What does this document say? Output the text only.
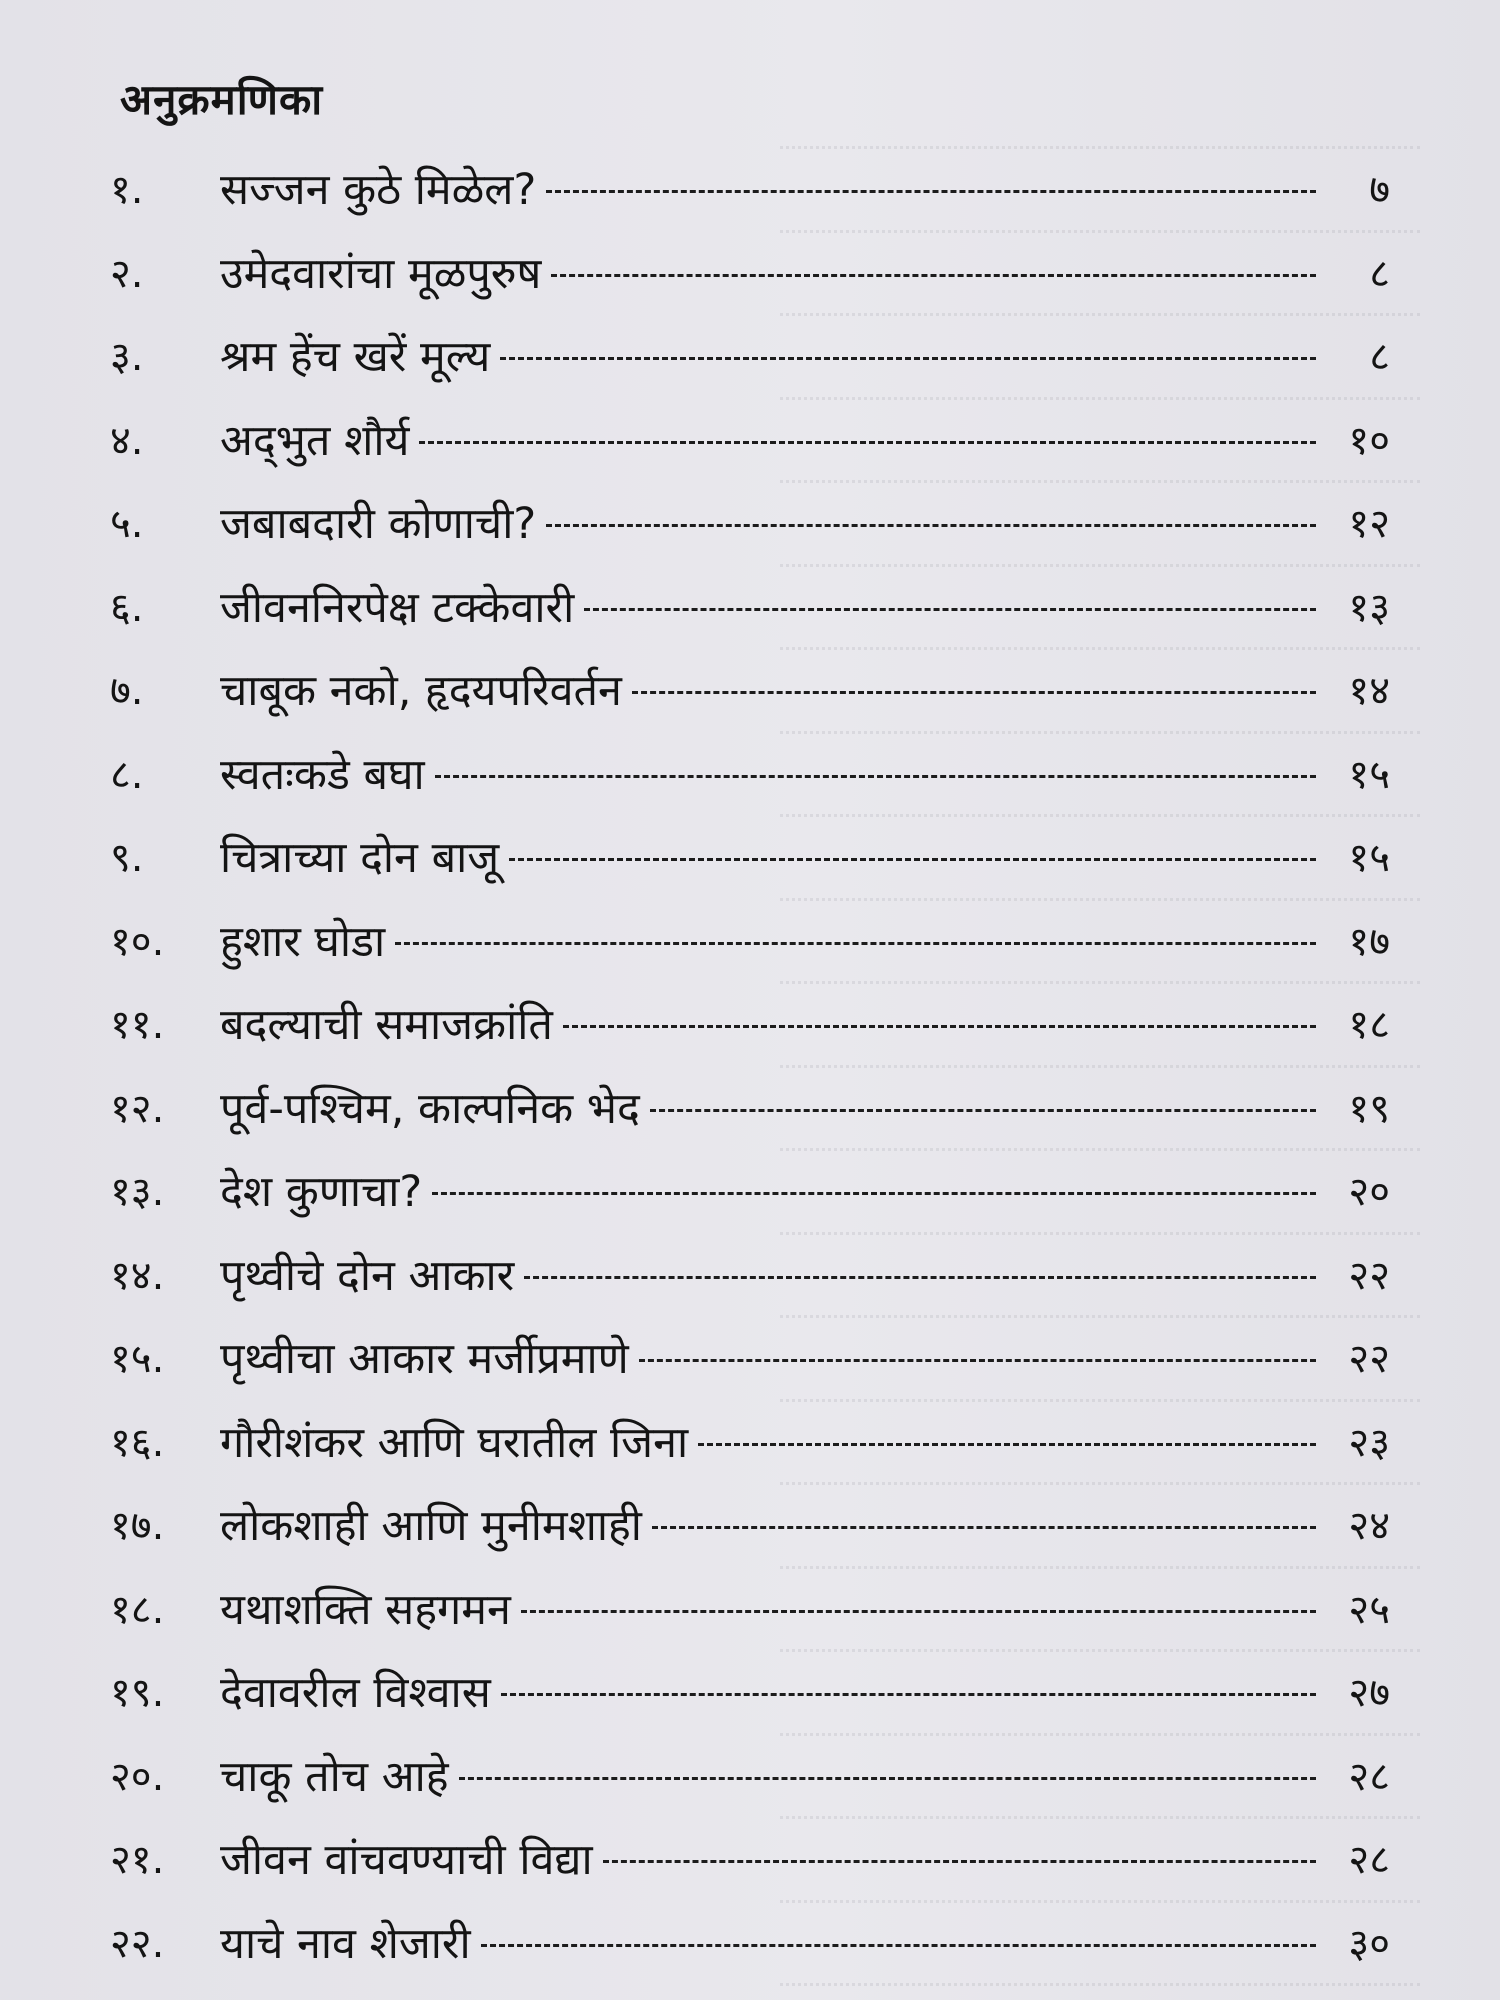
अनुक्रमणिका
१.	सज्जन कुठे मिळेल?	७
२.	उमेदवारांचा मूळपुरुष	८
३.	श्रम हेंच खरें मूल्य	८
४.	अद्‌भुत शौर्य	१०
५.	जबाबदारी कोणाची?	१२
६.	जीवननिरपेक्ष टक्केवारी	१३
७.	चाबूक नको, हृदयपरिवर्तन	१४
८.	स्वतःकडे बघा	१५
९.	चित्राच्या दोन बाजू	१५
१०.	हुशार घोडा	१७
११.	बदल्याची समाजक्रांति	१८
१२.	पूर्व-पश्चिम, काल्पनिक भेद	१९
१३.	देश कुणाचा?	२०
१४.	पृथ्वीचे दोन आकार	२२
१५.	पृथ्वीचा आकार मर्जीप्रमाणे	२२
१६.	गौरीशंकर आणि घरातील जिना	२३
१७.	लोकशाही आणि मुनीमशाही	२४
१८.	यथाशक्ति सहगमन	२५
१९.	देवावरील विश्वास	२७
२०.	चाकू तोच आहे	२८
२१.	जीवन वांचवण्याची विद्या	२८
२२.	याचे नाव शेजारी	३०
